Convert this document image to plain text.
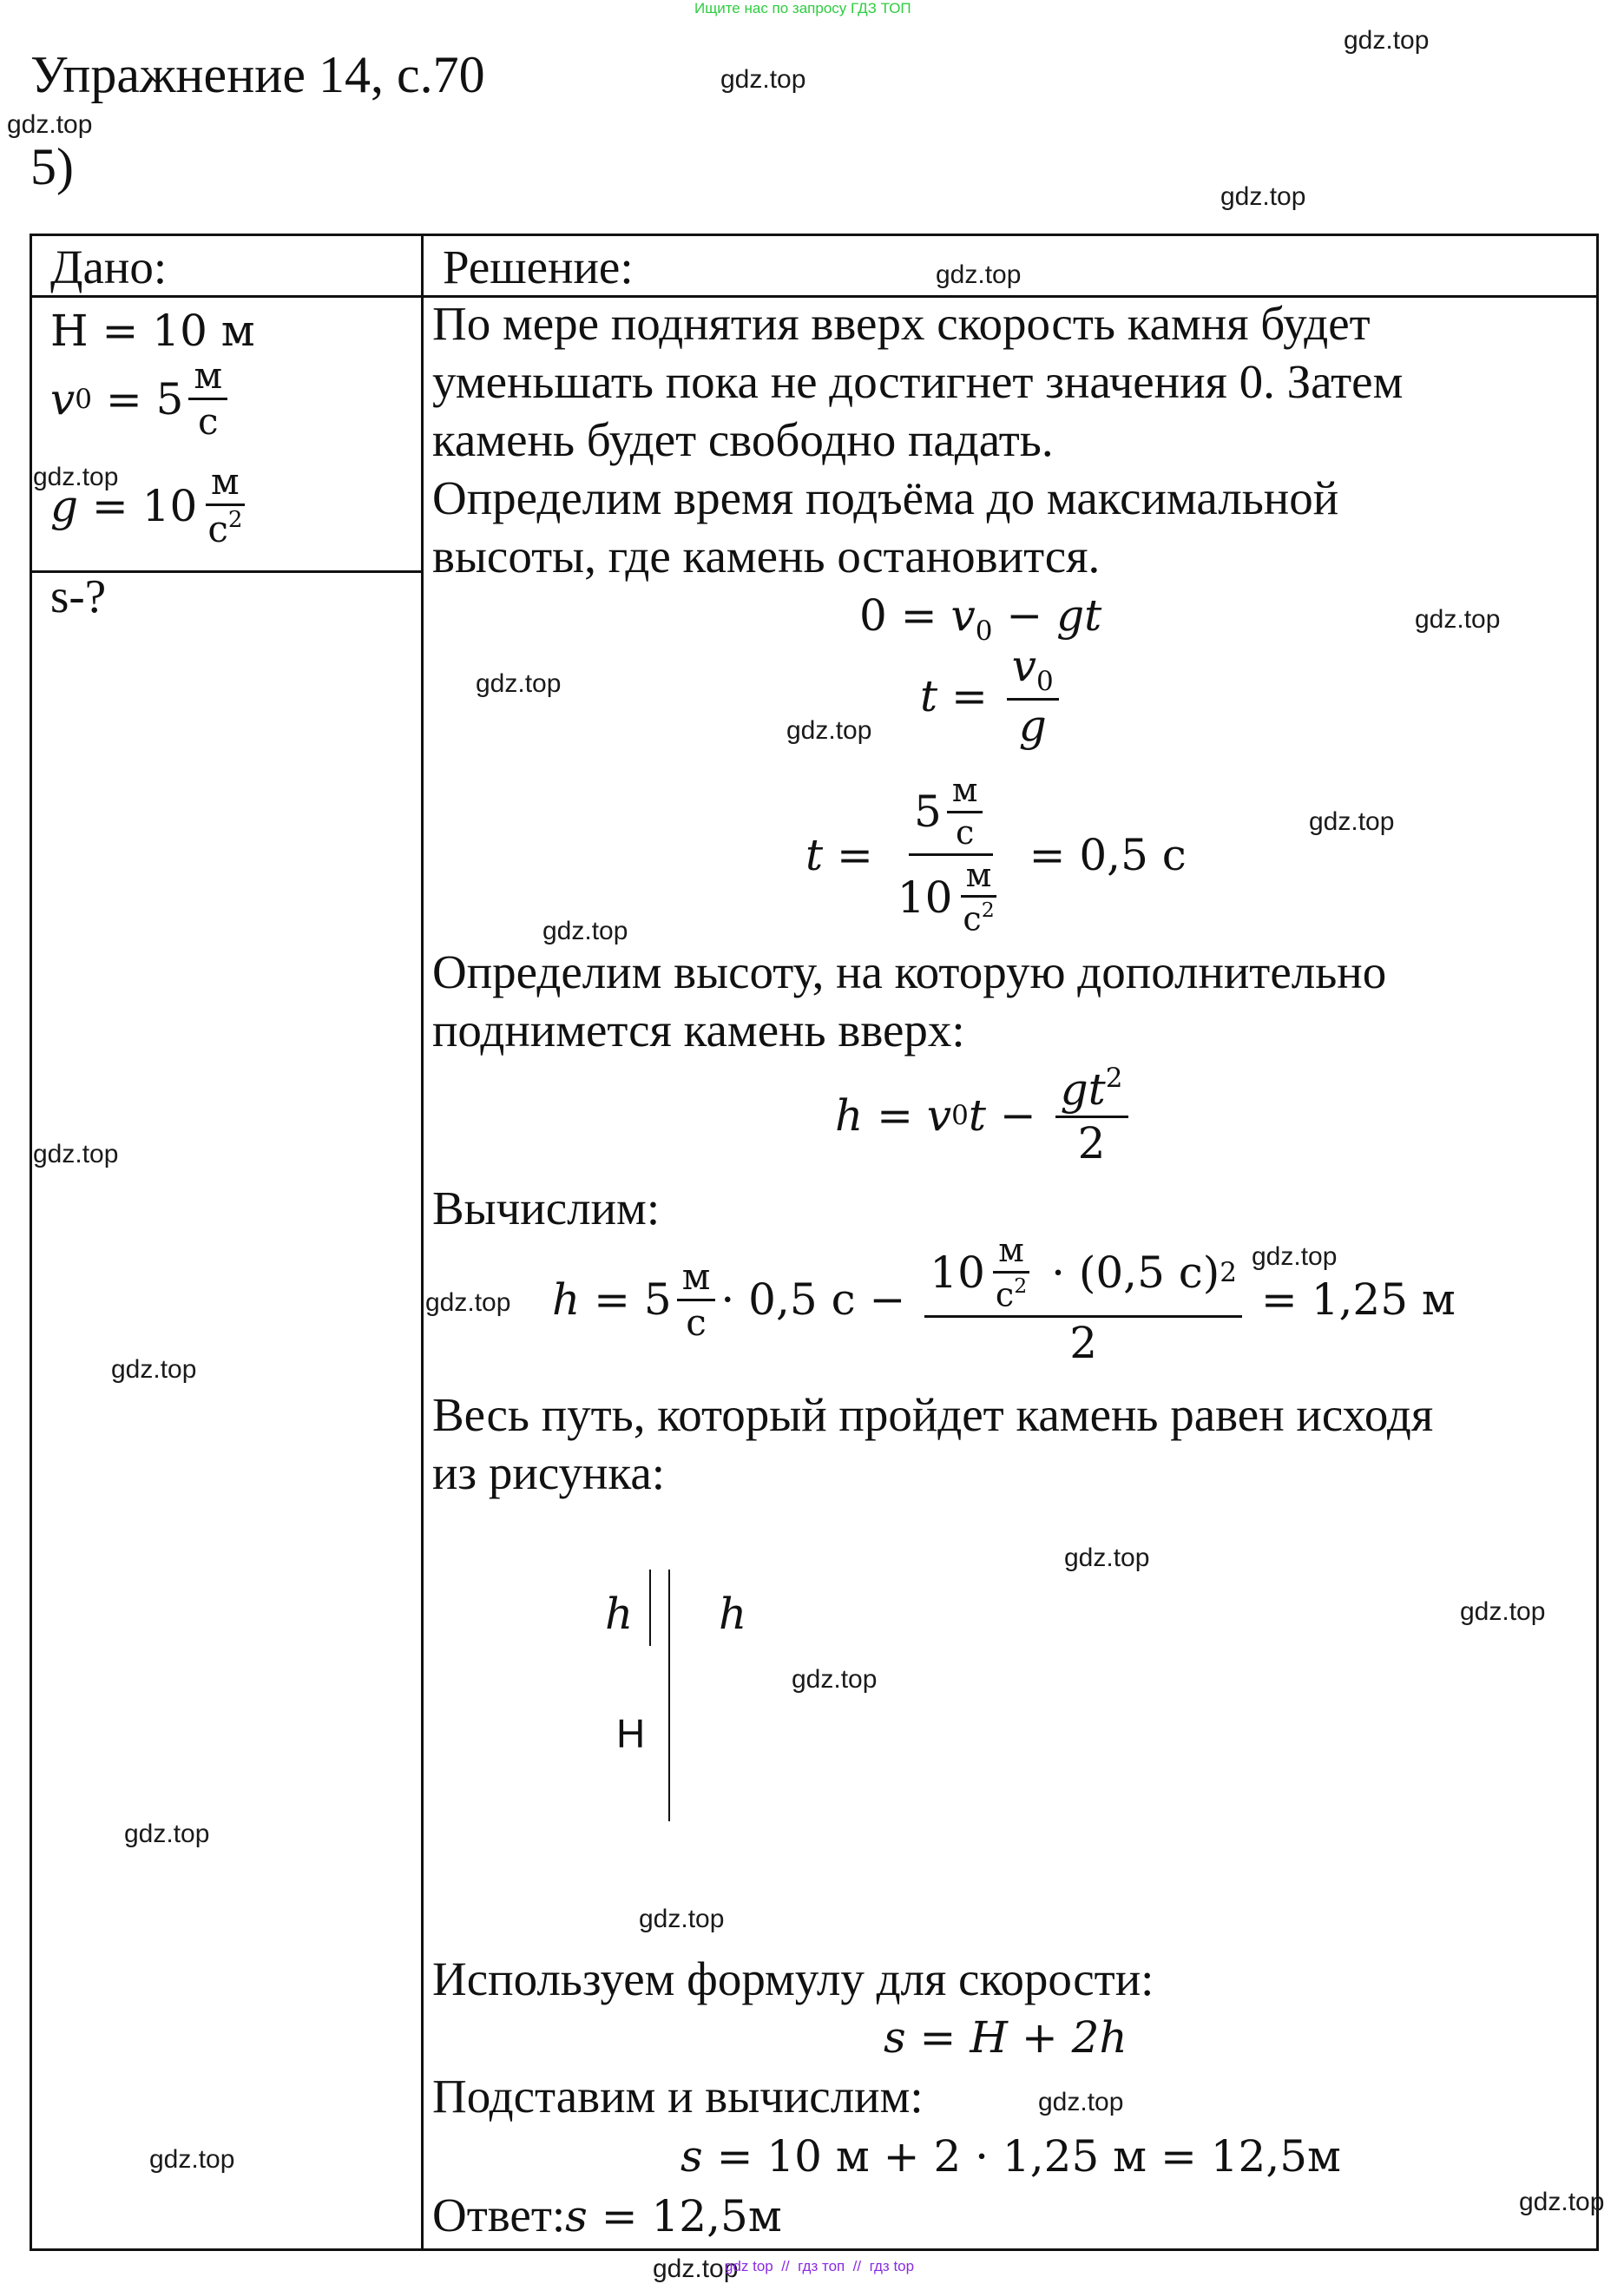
Ищите нас по запросу ГДЗ ТОП
Упражнение 14, с.70
5)
Дано:	Решение:
H = 10 м
v $0 = 5 \frac{м}{с}$
$g = 10 \frac{м}{с^2}$
s-?
По мере поднятия вверх скорость камня будет
уменьшать пока не достигнет значения 0. Затем
камень будет свободно падать.
Определим время подъёма до максимальной
высоты, где камень остановится.
$0 = v_0$ − gt
$t = \frac{v_0}{g}$
$t = \frac{5 \frac{м}{с}}{10 \frac{м}{с^2}} = 0,5$ с
Определим высоту, на которую дополнительно
поднимется камень вверх:
h = v 0 $t - \frac{gt^2}{2}$
Вычислим:
$h = 5 \frac{м}{с} \cdot 0,5$ $с - \frac{10 \frac{м}{с^2} \cdot (0,5 с) 2}{2} = 1,25$ м
Весь путь, который пройдет камень равен исходя
из рисунка:
h h
H
Используем формулу для скорости:
s = H + 2h
Подставим и вычислим:
s = 10 м + 2 · 1,25 м = 12,5м
Ответ:s = 12,5м
gdz.top
gdz.top
gdz.top
gdz.top
gdz.top
gdz.top
gdz.top
gdz.top
gdz.top
gdz.top
gdz.top
gdz.top
gdz.top
gdz.top
gdz.top
gdz.top
gdz.top
gdz.top
gdz.top
gdz.top
gdz.top
gdz.top
gdz.top
gdz.top
gdz top  //  гдз топ  //  гдз top
